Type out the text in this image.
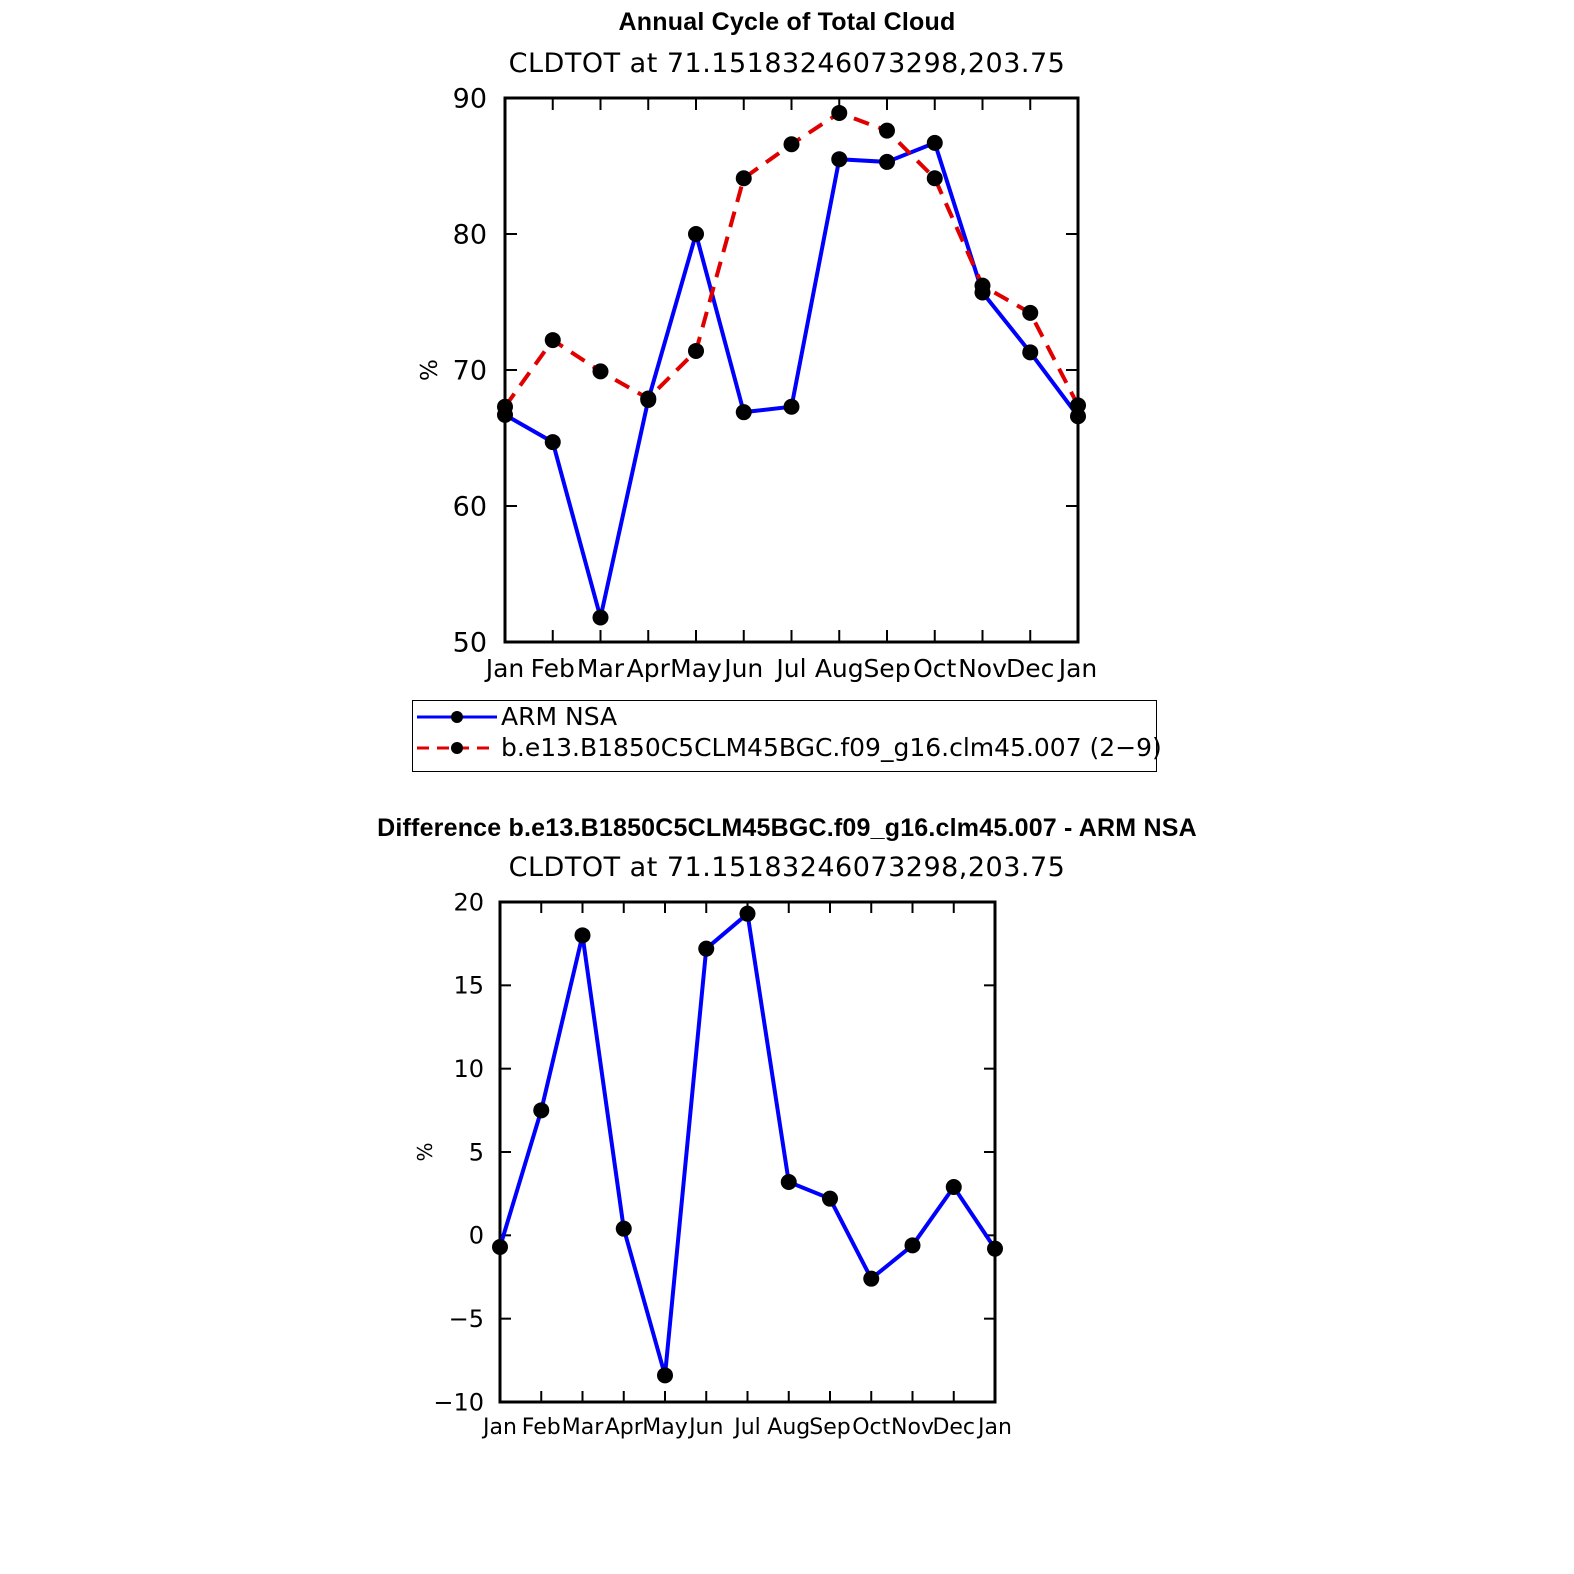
Annual Cycle of Total Cloud
CLDTOT at 71.15183246073298,203.75
Jan Feb Mar Apr May Jun Jul Aug Sep Oct Nov Dec Jan
50
60
70
80
90
%
ARM NSA
b.e13.B1850C5CLM45BGC.f09_g16.clm45.007 (2−9)
Difference b.e13.B1850C5CLM45BGC.f09_g16.clm45.007 - ARM NSA
CLDTOT at 71.15183246073298,203.75
Jan Feb Mar Apr May Jun Jul Aug Sep Oct Nov
Dec Jan
−10
−5
0
5
10
15
20
%
